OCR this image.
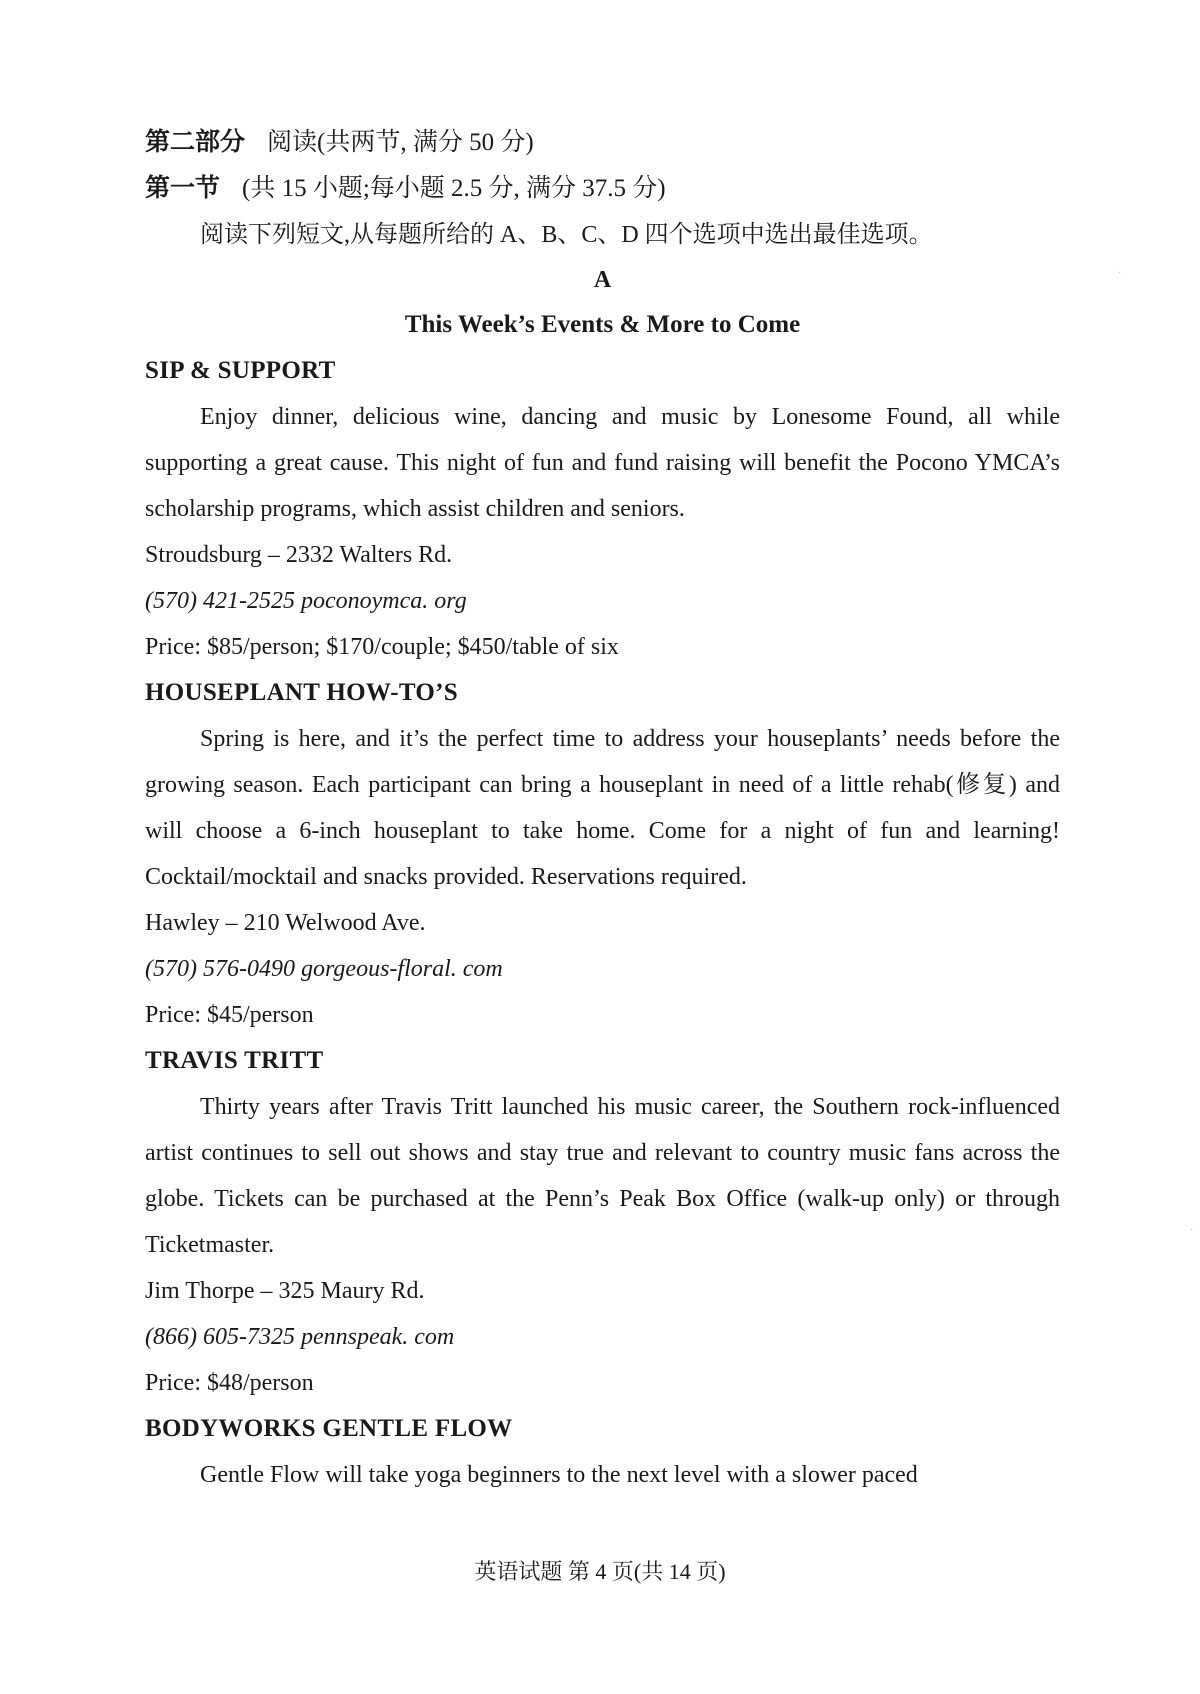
第二部分 阅读(共两节, 满分 50 分)
第一节 (共 15 小题;每小题 2.5 分, 满分 37.5 分)
阅读下列短文,从每题所给的 A、B、C、D 四个选项中选出最佳选项。
A
This Week’s Events & More to Come
SIP & SUPPORT

Enjoy dinner, delicious wine, dancing and music by Lonesome Found, all while supporting a great cause. This night of fun and fund raising will benefit the Pocono YMCA’s scholarship programs, which assist children and seniors.

Stroudsburg – 2332 Walters Rd.
(570) 421-2525 poconoymca. org
Price: $85/person; $170/couple; $450/table of six
HOUSEPLANT HOW-TO’S

Spring is here, and it’s the perfect time to address your houseplants’ needs before the growing season. Each participant can bring a houseplant in need of a little rehab(修复) and will choose a 6-inch houseplant to take home. Come for a night of fun and learning! Cocktail/mocktail and snacks provided. Reservations required.

Hawley – 210 Welwood Ave.
(570) 576-0490 gorgeous-floral. com
Price: $45/person
TRAVIS TRITT

Thirty years after Travis Tritt launched his music career, the Southern rock-influenced artist continues to sell out shows and stay true and relevant to country music fans across the globe. Tickets can be purchased at the Penn’s Peak Box Office (walk-up only) or through Ticketmaster.

Jim Thorpe – 325 Maury Rd.
(866) 605-7325 pennspeak. com
Price: $48/person
BODYWORKS GENTLE FLOW

Gentle Flow will take yoga beginners to the next level with a slower paced

英语试题 第 4 页(共 14 页)
·
·
